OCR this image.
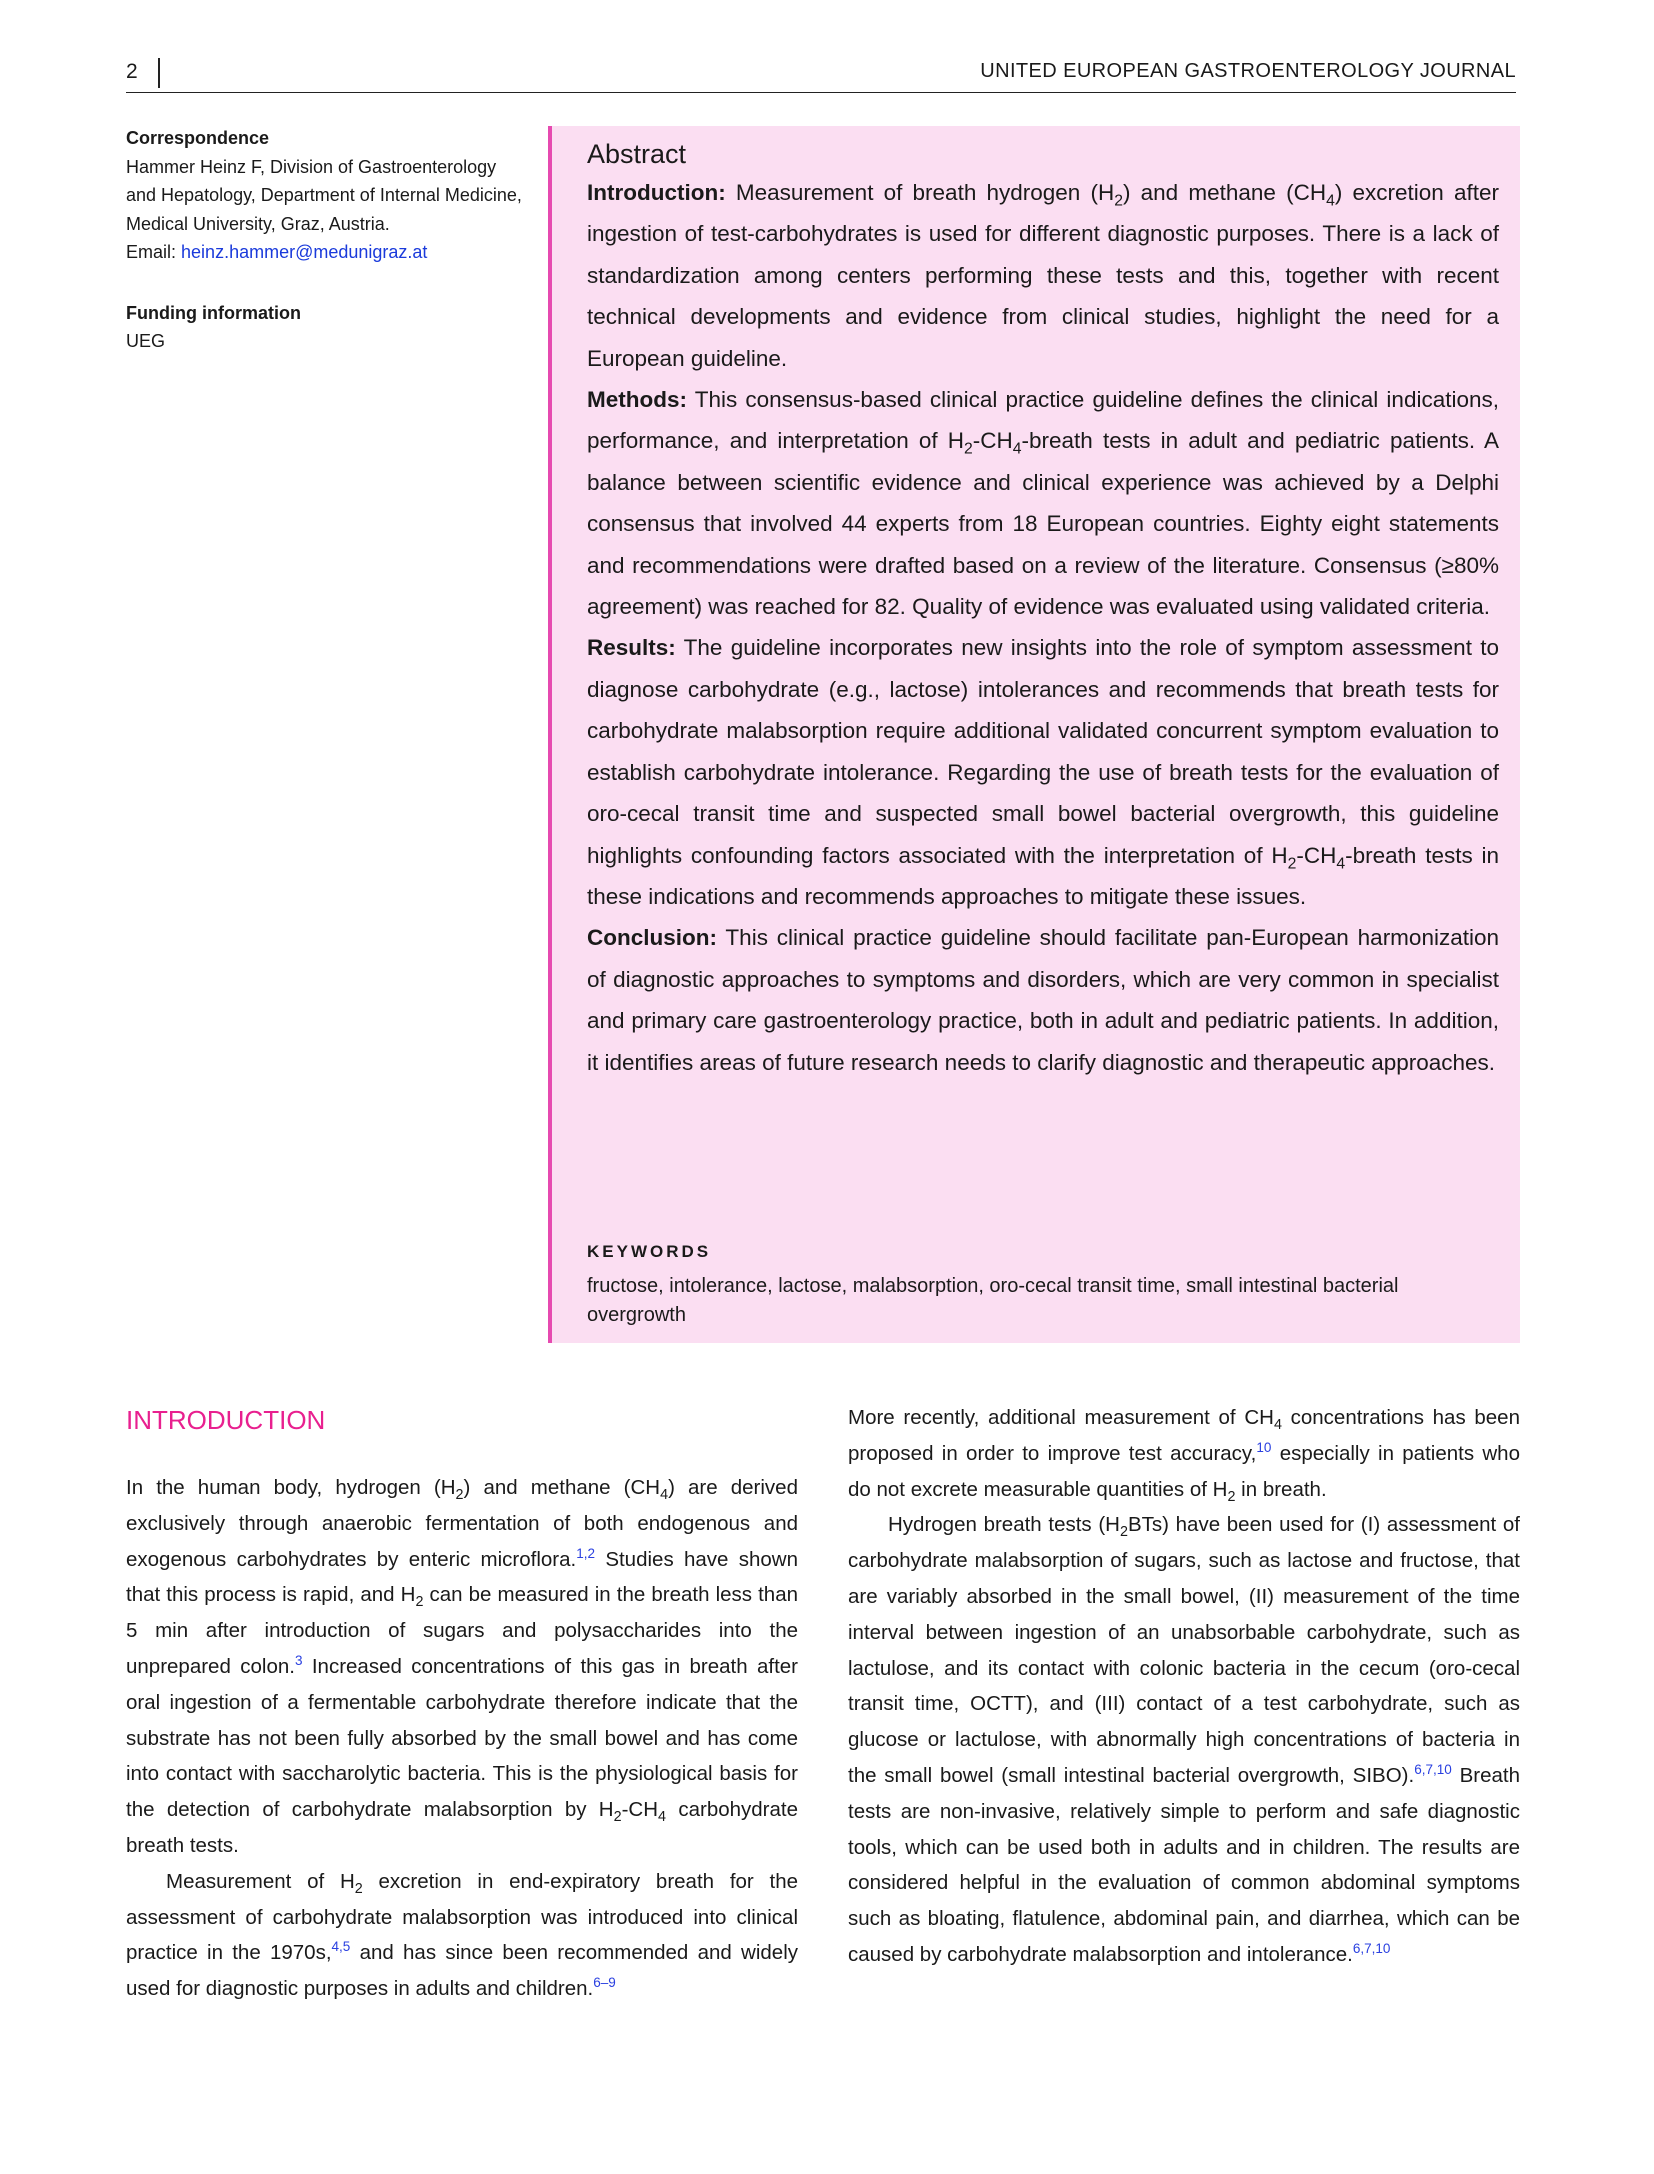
2	UNITED EUROPEAN GASTROENTEROLOGY JOURNAL
Correspondence
Hammer Heinz F, Division of Gastroenterology and Hepatology, Department of Internal Medicine, Medical University, Graz, Austria.
Email: heinz.hammer@medunigraz.at
Funding information
UEG
Abstract

Introduction: Measurement of breath hydrogen $(H_2)$ and methane $(CH_4)$ excretion after ingestion of test-carbohydrates is used for different diagnostic purposes. There is a lack of standardization among centers performing these tests and this, together with recent technical developments and evidence from clinical studies, highlight the need for a European guideline.

Methods: This consensus-based clinical practice guideline defines the clinical indications, performance, and interpretation of $H_2-CH_4$-breath tests in adult and pediatric patients. A balance between scientific evidence and clinical experience was achieved by a Delphi consensus that involved 44 experts from 18 European countries. Eighty eight statements and recommendations were drafted based on a review of the literature. Consensus (≥80% agreement) was reached for 82. Quality of evidence was evaluated using validated criteria.

Results: The guideline incorporates new insights into the role of symptom assessment to diagnose carbohydrate (e.g., lactose) intolerances and recommends that breath tests for carbohydrate malabsorption require additional validated concurrent symptom evaluation to establish carbohydrate intolerance. Regarding the use of breath tests for the evaluation of oro-cecal transit time and suspected small bowel bacterial overgrowth, this guideline highlights confounding factors associated with the interpretation of $H_2-CH_4$-breath tests in these indications and recommends approaches to mitigate these issues.

Conclusion: This clinical practice guideline should facilitate pan-European harmonization of diagnostic approaches to symptoms and disorders, which are very common in specialist and primary care gastroenterology practice, both in adult and pediatric patients. In addition, it identifies areas of future research needs to clarify diagnostic and therapeutic approaches.

KEYWORDS
fructose, intolerance, lactose, malabsorption, oro-cecal transit time, small intestinal bacterial overgrowth
INTRODUCTION

In the human body, hydrogen $(H_2)$ and methane $(CH_4)$ are derived exclusively through anaerobic fermentation of both endogenous and exogenous carbohydrates by enteric microflora.$^{1,2}$ Studies have shown that this process is rapid, and $H_2$ can be measured in the breath less than 5 min after introduction of sugars and polysaccharides into the unprepared colon.$^3$ Increased concentrations of this gas in breath after oral ingestion of a fermentable carbohydrate therefore indicate that the substrate has not been fully absorbed by the small bowel and has come into contact with saccharolytic bacteria. This is the physiological basis for the detection of carbohydrate malabsorption by $H_2-CH_4$ carbohydrate breath tests.

Measurement of $H_2$ excretion in end-expiratory breath for the assessment of carbohydrate malabsorption was introduced into clinical practice in the 1970s,$^{4,5}$ and has since been recommended and widely used for diagnostic purposes in adults and children.$^{6-9}$

More recently, additional measurement of $CH_4$ concentrations has been proposed in order to improve test accuracy,$^{10}$ especially in patients who do not excrete measurable quantities of $H_2$ in breath.

Hydrogen breath tests $(H_2BTs)$ have been used for (I) assessment of carbohydrate malabsorption of sugars, such as lactose and fructose, that are variably absorbed in the small bowel, (II) measurement of the time interval between ingestion of an unabsorbable carbohydrate, such as lactulose, and its contact with colonic bacteria in the cecum (oro-cecal transit time, OCTT), and (III) contact of a test carbohydrate, such as glucose or lactulose, with abnormally high concentrations of bacteria in the small bowel (small intestinal bacterial overgrowth, SIBO).$^{6,7,10}$ Breath tests are non-invasive, relatively simple to perform and safe diagnostic tools, which can be used both in adults and in children. The results are considered helpful in the evaluation of common abdominal symptoms such as bloating, flatulence, abdominal pain, and diarrhea, which can be caused by carbohydrate malabsorption and intolerance.$^{6,7,10}$
